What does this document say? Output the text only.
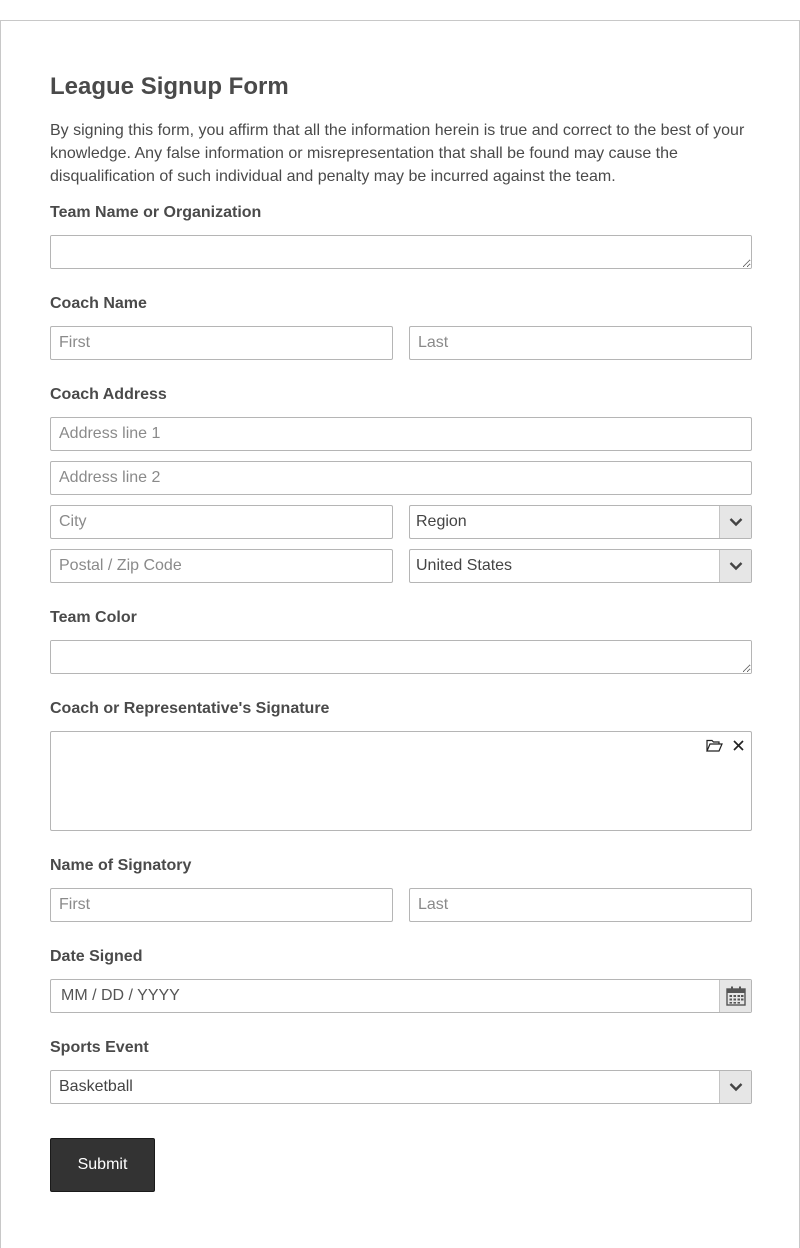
League Signup Form

By signing this form, you affirm that all the information herein is true and correct to the best of your knowledge. Any false information or misrepresentation that shall be found may cause the disqualification of such individual and penalty may be incurred against the team.

Team Name or Organization
Coach Name
First
Last
Coach Address
Address line 1
Address line 2
City
Region
Postal / Zip Code
United States
Team Color
Coach or Representative's Signature
Name of Signatory
First
Last
Date Signed
MM / DD / YYYY
Sports Event
Basketball
Submit
